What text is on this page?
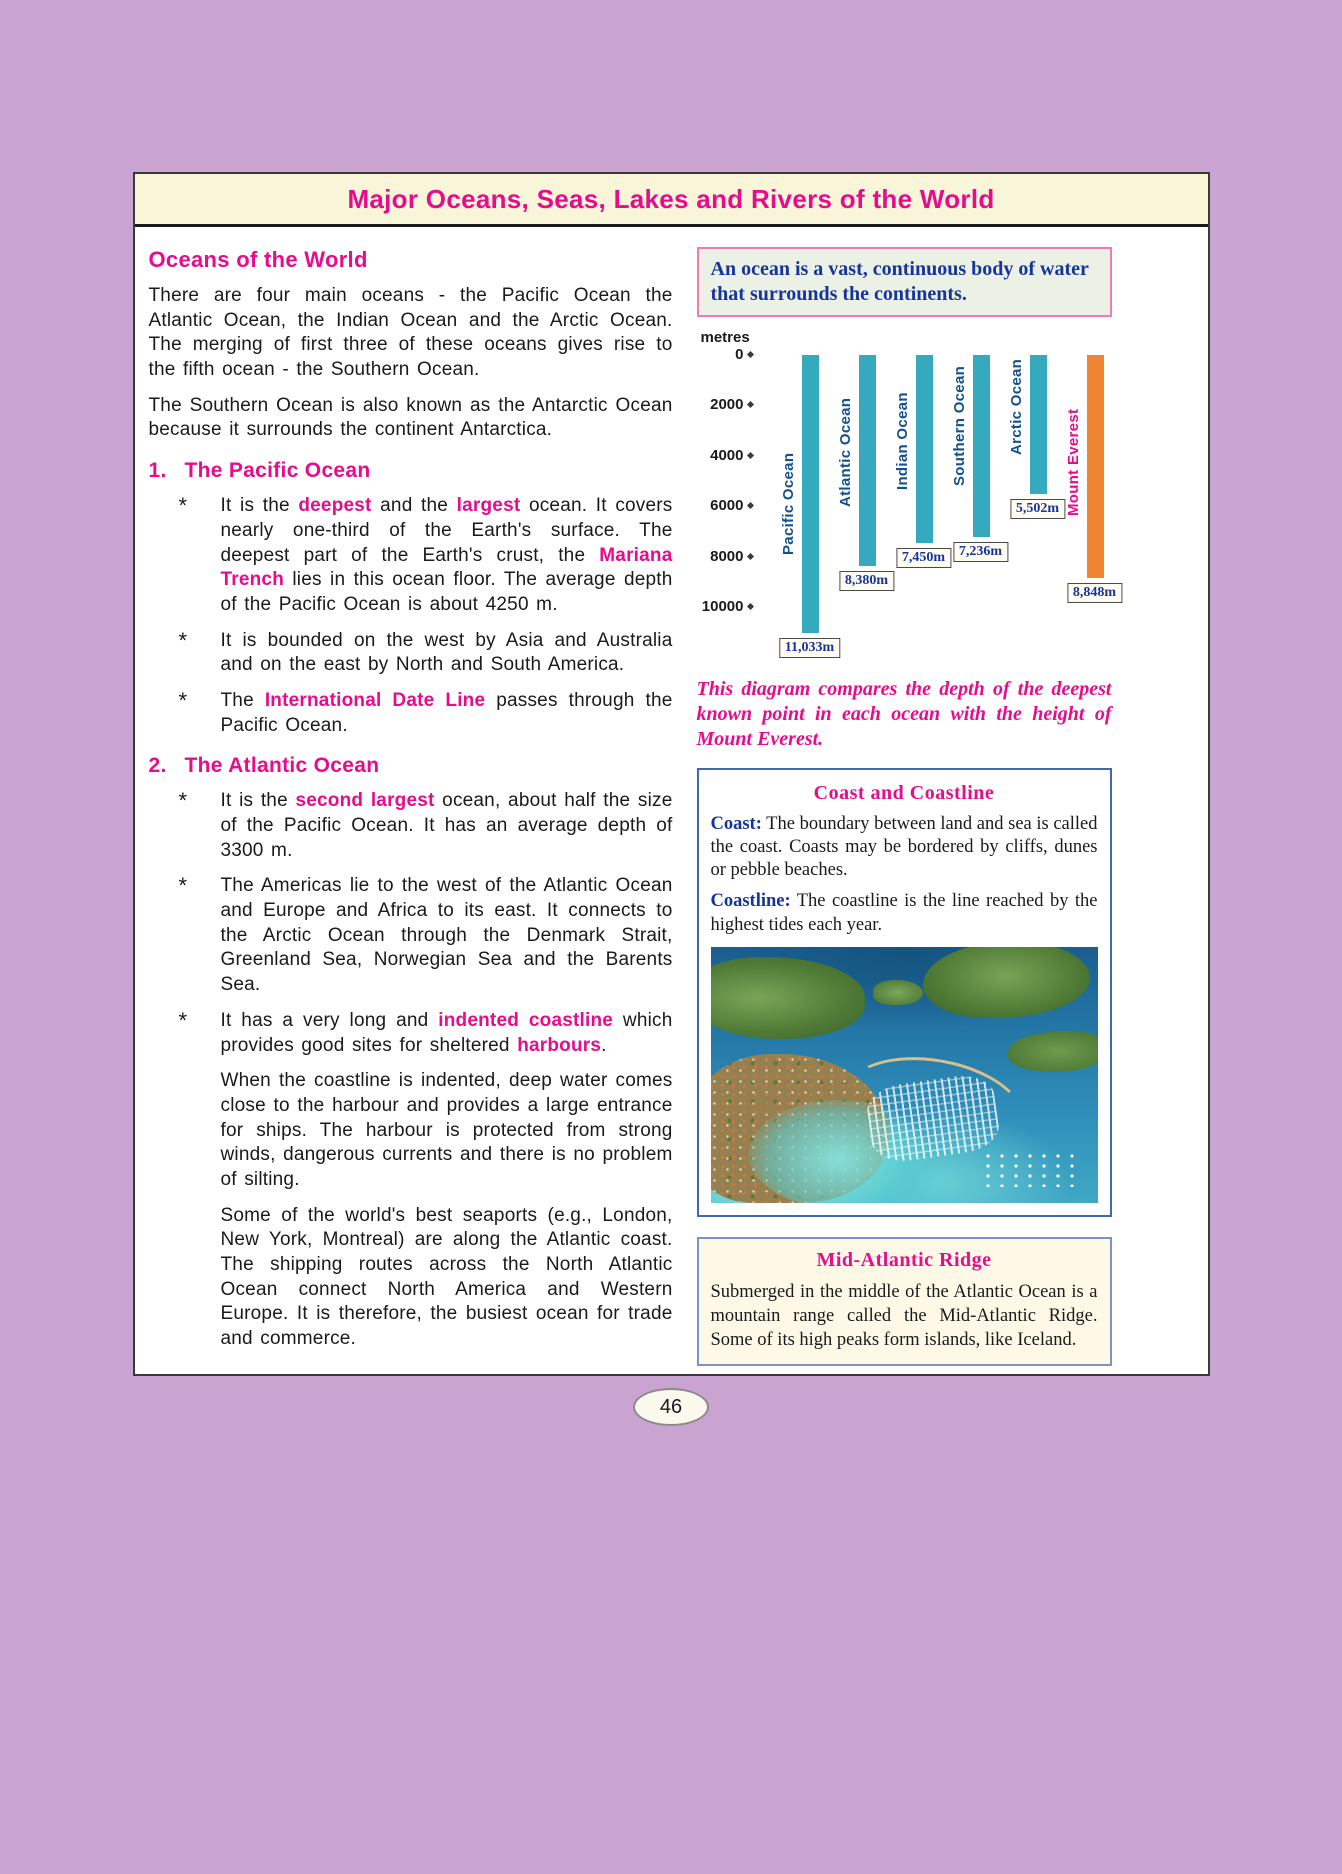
Major Oceans, Seas, Lakes and Rivers of the World
Oceans of the World

There are four main oceans - the Pacific Ocean the Atlantic Ocean, the Indian Ocean and the Arctic Ocean. The merging of first three of these oceans gives rise to the fifth ocean - the Southern Ocean.

The Southern Ocean is also known as the Antarctic Ocean because it surrounds the continent Antarctica.

1. The Pacific Ocean
*	It is the deepest and the largest ocean. It covers nearly one-third of the Earth's surface. The deepest part of the Earth's crust, the Mariana Trench lies in this ocean floor. The average depth of the Pacific Ocean is about 4250 m.

*	It is bounded on the west by Asia and Australia and on the east by North and South America.

*	The International Date Line passes through the Pacific Ocean.

2. The Atlantic Ocean
*	It is the second largest ocean, about half the size of the Pacific Ocean. It has an average depth of 3300 m.

*	The Americas lie to the west of the Atlantic Ocean and Europe and Africa to its east. It connects to the Arctic Ocean through the Denmark Strait, Greenland Sea, Norwegian Sea and the Barents Sea.

*	It has a very long and indented coastline which provides good sites for sheltered harbours.

When the coastline is indented, deep water comes close to the harbour and provides a large entrance for ships. The harbour is protected from strong winds, dangerous currents and there is no problem of silting.

Some of the world's best seaports (e.g., London, New York, Montreal) are along the Atlantic coast. The shipping routes across the North Atlantic Ocean connect North America and Western Europe. It is therefore, the busiest ocean for trade and commerce.

An ocean is a vast, continuous body of water that surrounds the continents.
metres
0
2000
4000
6000
8000
10000
Pacific Ocean
11,033m
Atlantic Ocean
8,380m
Indian Ocean
7,450m
Southern Ocean
7,236m
Arctic Ocean
5,502m Mount Everest
8,848m

This diagram compares the depth of the deepest known point in each ocean with the height of Mount Everest.

Coast and Coastline

Coast: The boundary between land and sea is called the coast. Coasts may be bordered by cliffs, dunes or pebble beaches.

Coastline: The coastline is the line reached by the highest tides each year.

Mid-Atlantic Ridge

Submerged in the middle of the Atlantic Ocean is a mountain range called the Mid-Atlantic Ridge. Some of its high peaks form islands, like Iceland.

46
